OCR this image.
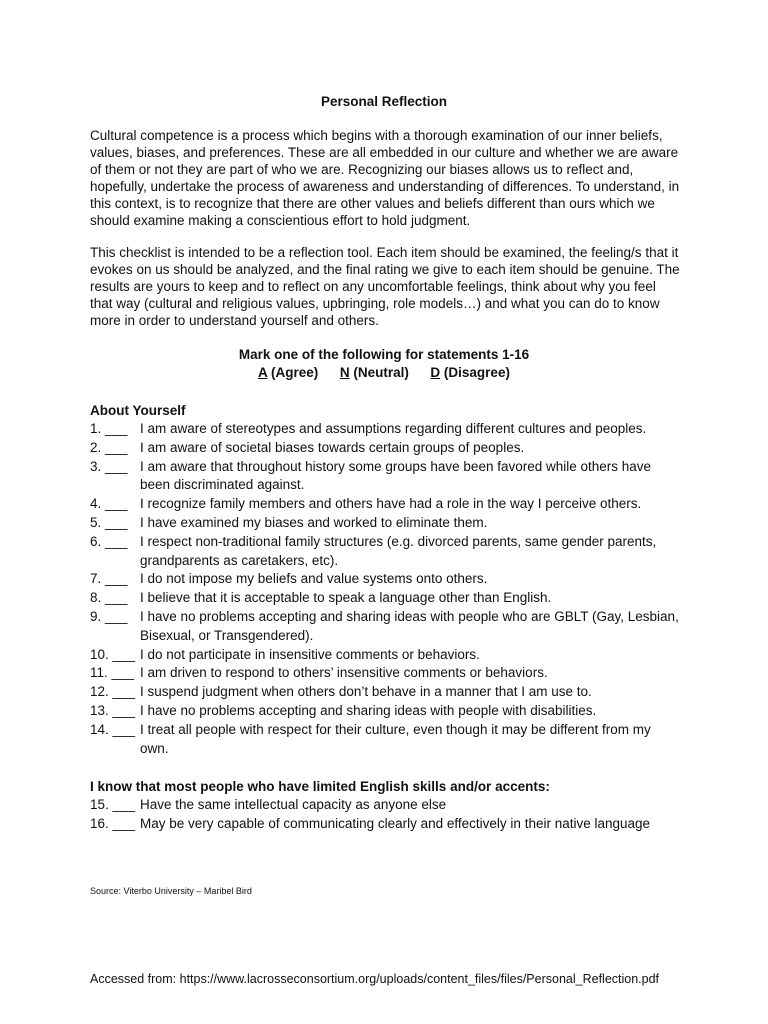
Personal Reflection
Cultural competence is a process which begins with a thorough examination of our inner beliefs, values, biases, and preferences. These are all embedded in our culture and whether we are aware of them or not they are part of who we are. Recognizing our biases allows us to reflect and, hopefully, undertake the process of awareness and understanding of differences. To understand, in this context, is to recognize that there are other values and beliefs different than ours which we should examine making a conscientious effort to hold judgment.
This checklist is intended to be a reflection tool. Each item should be examined, the feeling/s that it evokes on us should be analyzed, and the final rating we give to each item should be genuine. The results are yours to keep and to reflect on any uncomfortable feelings, think about why you feel that way (cultural and religious values, upbringing, role models…) and what you can do to know more in order to understand yourself and others.
Mark one of the following for statements 1-16
A (Agree) N (Neutral) D (Disagree)
About Yourself
1. ___ I am aware of stereotypes and assumptions regarding different cultures and peoples.
2. ___ I am aware of societal biases towards certain groups of peoples.
3. ___ I am aware that throughout history some groups have been favored while others have been discriminated against.
4. ___ I recognize family members and others have had a role in the way I perceive others.
5. ___ I have examined my biases and worked to eliminate them.
6. ___ I respect non-traditional family structures (e.g. divorced parents, same gender parents, grandparents as caretakers, etc).
7. ___ I do not impose my beliefs and value systems onto others.
8. ___ I believe that it is acceptable to speak a language other than English.
9. ___ I have no problems accepting and sharing ideas with people who are GBLT (Gay, Lesbian, Bisexual, or Transgendered).
10. ___ I do not participate in insensitive comments or behaviors.
11. ___ I am driven to respond to others’ insensitive comments or behaviors.
12. ___ I suspend judgment when others don’t behave in a manner that I am use to.
13. ___ I have no problems accepting and sharing ideas with people with disabilities.
14. ___ I treat all people with respect for their culture, even though it may be different from my own.
I know that most people who have limited English skills and/or accents:
15. ___ Have the same intellectual capacity as anyone else
16. ___ May be very capable of communicating clearly and effectively in their native language
Source: Viterbo University – Maribel Bird
Accessed from: https://www.lacrosseconsortium.org/uploads/content_files/files/Personal_Reflection.pdf
